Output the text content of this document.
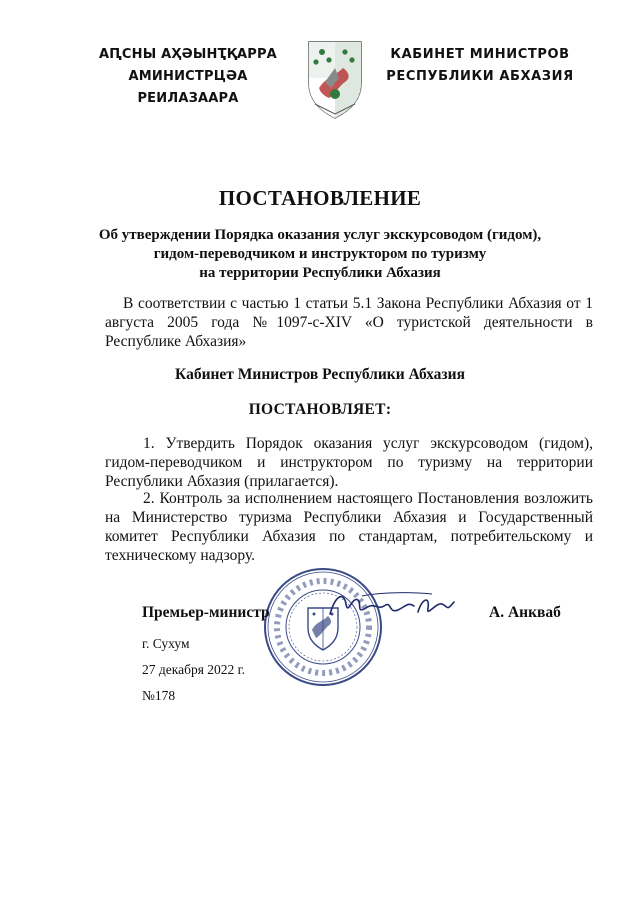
АԤСНЫ АҲӘЫНҬҚАРРА
АМИНИСТРЦӘА РЕИЛАЗААРА
КАБИНЕТ МИНИСТРОВ
РЕСПУБЛИКИ АБХАЗИЯ
ПОСТАНОВЛЕНИЕ
Об утверждении Порядка оказания услуг экскурсоводом (гидом),
гидом-переводчиком и инструктором по туризму
на территории Республики Абхазия
В соответствии с частью 1 статьи 5.1 Закона Республики Абхазия от 1 августа 2005 года №1097-с-XIV «О туристской деятельности в Республике Абхазия»
Кабинет Министров Республики Абхазия
ПОСТАНОВЛЯЕТ:
1. Утвердить Порядок оказания услуг экскурсоводом (гидом), гидом-переводчиком и инструктором по туризму на территории Республики Абхазия (прилагается).
2. Контроль за исполнением настоящего Постановления возложить на Министерство туризма Республики Абхазия и Государственный комитет Республики Абхазия по стандартам, потребительскому и техническому надзору.
Премьер-министр	А. Анкваб
г. Сухум
27 декабря 2022 г.
№178
